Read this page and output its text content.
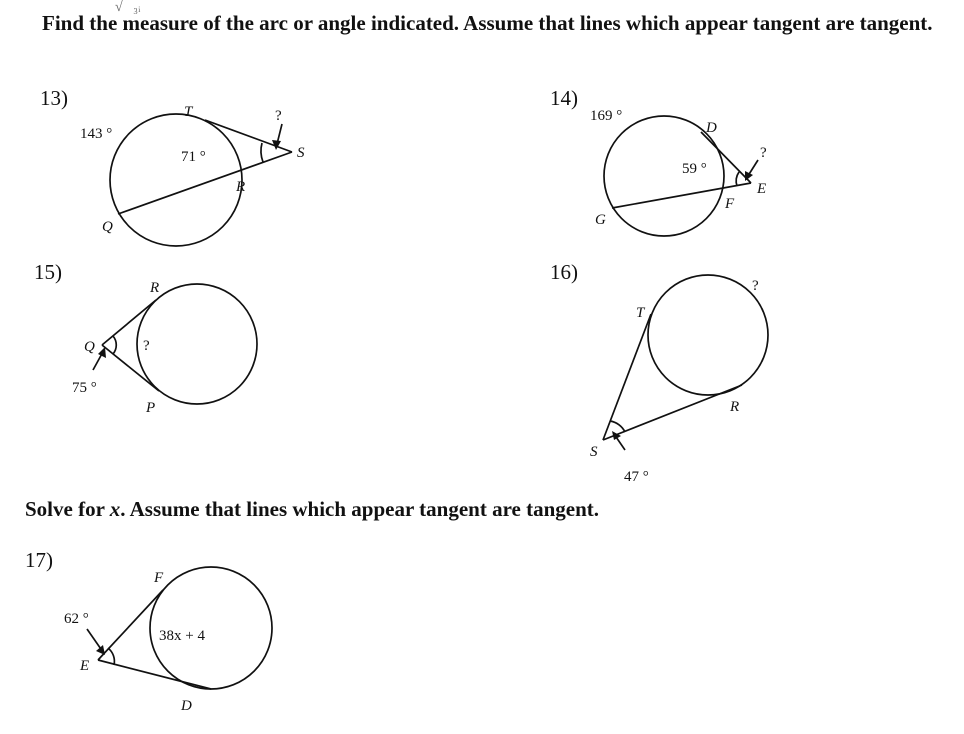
√   ₃ᵢ

Find the measure of the arc or angle indicated. Assume that lines which appear tangent are tangent.

13)
T
S
R
Q
143 °
71 °
?
14)
D
E
F
G
169 °
59 °
?
15)
R
Q
P
75 °
?
16)
T
R
S
47 °
?

Solve for x. Assume that lines which appear tangent are tangent.

17)
F
E
D
62 °
38x + 4
